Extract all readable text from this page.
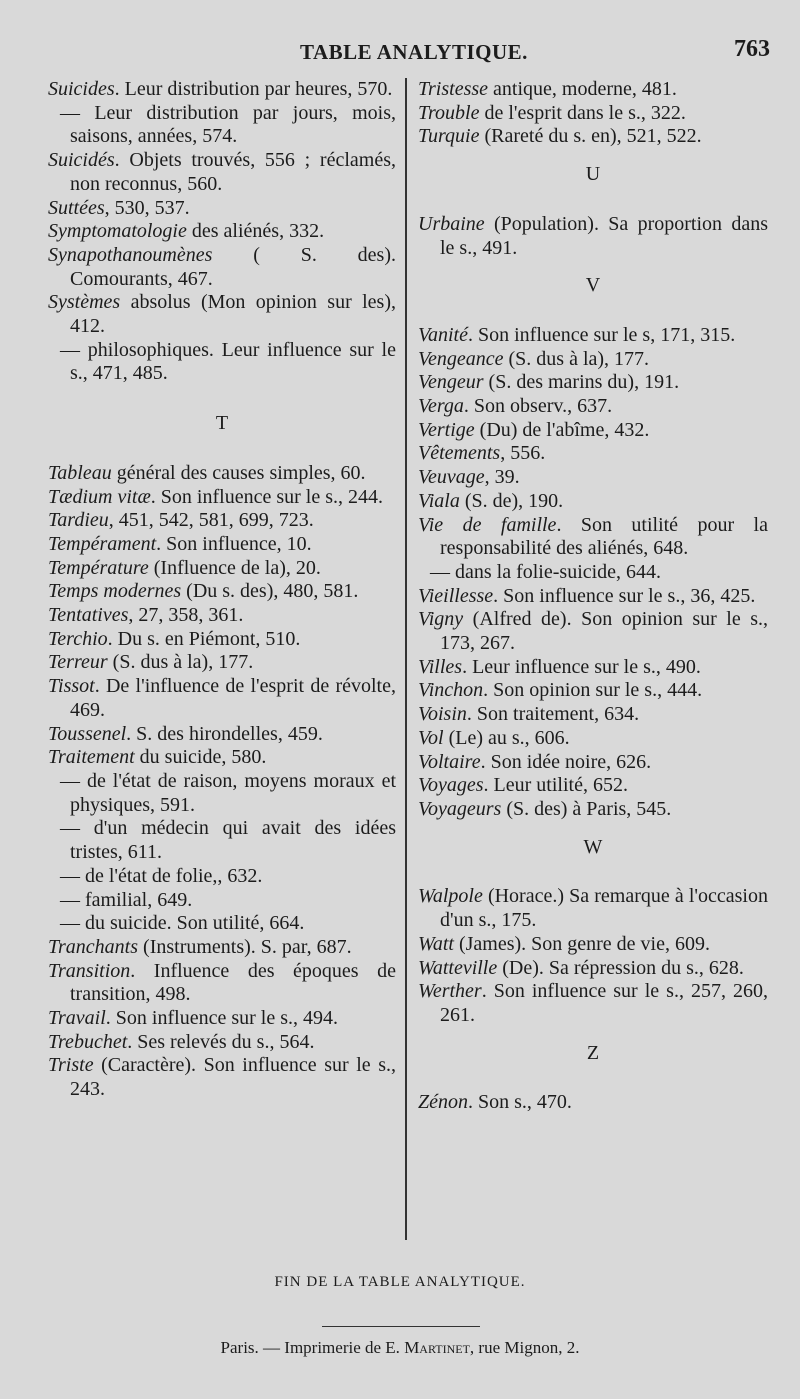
TABLE ANALYTIQUE.	763

Suicides. Leur distribution par heures, 570.

— Leur distribution par jours, mois, saisons, années, 574.

Suicidés. Objets trouvés, 556 ; réclamés, non reconnus, 560.

Suttées, 530, 537.

Symptomatologie des aliénés, 332.

Synapothanoumènes ( S. des). Comourants, 467.

Systèmes absolus (Mon opinion sur les), 412.

— philosophiques. Leur influence sur le s., 471, 485.

T

Tableau général des causes simples, 60.

Tædium vitæ. Son influence sur le s., 244.

Tardieu, 451, 542, 581, 699, 723.

Tempérament. Son influence, 10.

Température (Influence de la), 20.

Temps modernes (Du s. des), 480, 581.

Tentatives, 27, 358, 361.

Terchio. Du s. en Piémont, 510.

Terreur (S. dus à la), 177.

Tissot. De l'influence de l'esprit de révolte, 469.

Toussenel. S. des hirondelles, 459.

Traitement du suicide, 580.

— de l'état de raison, moyens moraux et physiques, 591.

— d'un médecin qui avait des idées tristes, 611.

— de l'état de folie,, 632.

— familial, 649.

— du suicide. Son utilité, 664.

Tranchants (Instruments). S. par, 687.

Transition. Influence des époques de transition, 498.

Travail. Son influence sur le s., 494.

Trebuchet. Ses relevés du s., 564.

Triste (Caractère). Son influence sur le s., 243.

Tristesse antique, moderne, 481.

Trouble de l'esprit dans le s., 322.

Turquie (Rareté du s. en), 521, 522.

U

Urbaine (Population). Sa proportion dans le s., 491.

V

Vanité. Son influence sur le s, 171, 315.

Vengeance (S. dus à la), 177.

Vengeur (S. des marins du), 191.

Verga. Son observ., 637.

Vertige (Du) de l'abîme, 432.

Vêtements, 556.

Veuvage, 39.

Viala (S. de), 190.

Vie de famille. Son utilité pour la responsabilité des aliénés, 648.

— dans la folie-suicide, 644.

Vieillesse. Son influence sur le s., 36, 425.

Vigny (Alfred de). Son opinion sur le s., 173, 267.

Villes. Leur influence sur le s., 490.

Vinchon. Son opinion sur le s., 444.

Voisin. Son traitement, 634.

Vol (Le) au s., 606.

Voltaire. Son idée noire, 626.

Voyages. Leur utilité, 652.

Voyageurs (S. des) à Paris, 545.

W

Walpole (Horace.) Sa remarque à l'occasion d'un s., 175.

Watt (James). Son genre de vie, 609.

Watteville (De). Sa répression du s., 628.

Werther. Son influence sur le s., 257, 260, 261.

Z

Zénon. Son s., 470.

FIN DE LA TABLE ANALYTIQUE.
Paris. — Imprimerie de E. Martinet, rue Mignon, 2.
